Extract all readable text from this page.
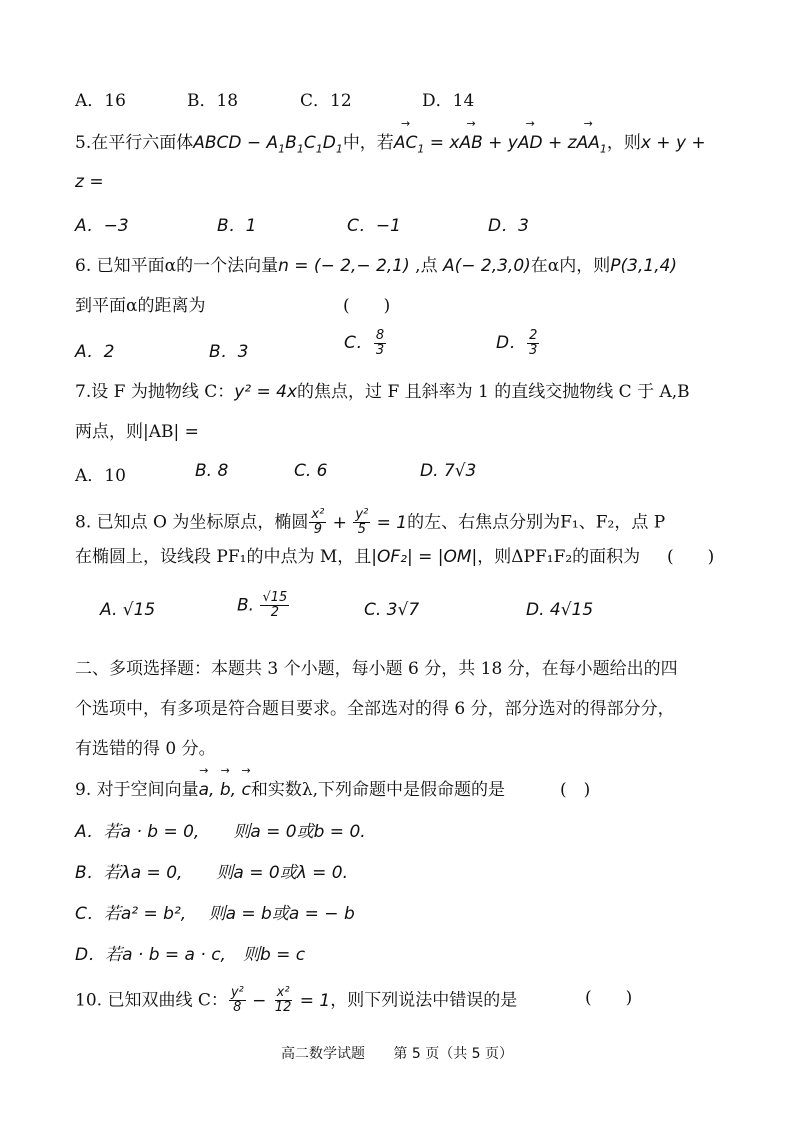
A．16	B．18	C．12	D．14
5.在平行六面体ABCD − $A_1B_1C_1D_1$中，若→ $AC_1 = x\to$ AB + y→ AD + $z\to AA_1$，则x + y +
z =
A．−3	B．1	C．−1	D．3
6. 已知平面α的一个法向量n = (− 2,− 2,1) ,点 A(− 2,3,0)在α内，则P(3,1,4)
到平面α的距离为	(　　)
A．2	B．3	C． $\frac{8}{3}$	D． $\frac{2}{3}$
7.设 F 为抛物线 C：y² = 4x的焦点，过 F 且斜率为 1 的直线交抛物线 C 于 A,B
两点，则|AB| =
A．10	B. 8	C. 6	D. 7√3
8. 已知点 O 为坐标原点，椭圆 $\frac{\text{x²}}{9} + \frac{\text{y²}}{5} = 1$的左、右焦点分别为F₁、F₂，点 P
在椭圆上，设线段 PF₁的中点为 M，且|OF₂| = |OM|，则ΔPF₁F₂的面积为 (　　)
A. √15	B. $\frac{√15}{2}$	C. 3√7	D. 4√15
二、多项选择题：本题共 3 个小题，每小题 6 分，共 18 分，在每小题给出的四
个选项中，有多项是符合题目要求。全部选对的得 6 分，部分选对的得部分分，
有选错的得 0 分。
9. 对于空间向量→ a, → b, → c和实数λ,下列命题中是假命题的是	(　)
A．若a · b = 0,　　则a = 0或b = 0.
B．若λa = 0,　　则a = 0或λ = 0.
C．若a² = b²,　 则a = b或a = − b
D．若a · b = a · c,　则b = c
10. 已知双曲线 C： $\frac{\text{y²}}{8} - \frac{\text{x²}}{12} = 1$，则下列说法中错误的是	(　　)
高二数学试题 第 5 页（共 5 页）
